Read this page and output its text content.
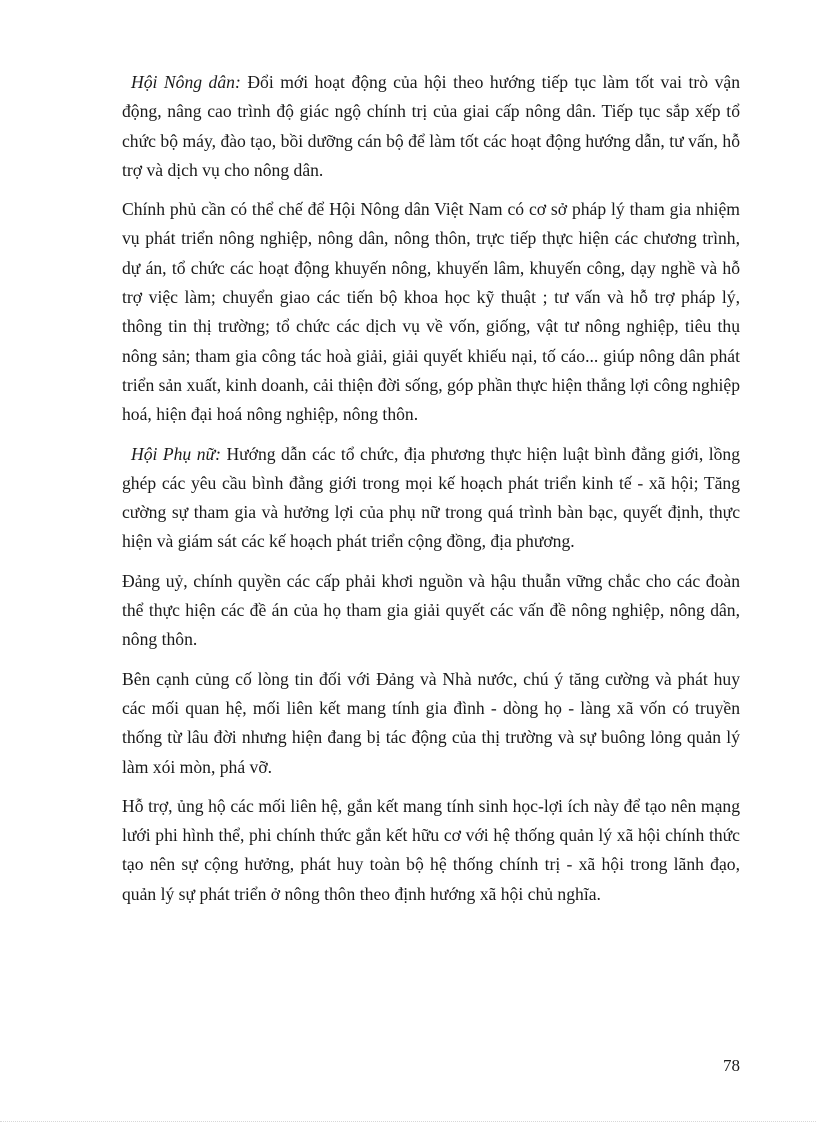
Hội Nông dân: Đổi mới hoạt động của hội theo hướng tiếp tục làm tốt vai trò vận động, nâng cao trình độ giác ngộ chính trị của giai cấp nông dân. Tiếp tục sắp xếp tổ chức bộ máy, đào tạo, bồi dưỡng cán bộ để làm tốt các hoạt động hướng dẫn, tư vấn, hỗ trợ và dịch vụ cho nông dân.

Chính phủ cần có thể chế để Hội Nông dân Việt Nam có cơ sở pháp lý tham gia nhiệm vụ phát triển nông nghiệp, nông dân, nông thôn, trực tiếp thực hiện các chương trình, dự án, tổ chức các hoạt động khuyến nông, khuyến lâm, khuyến công, dạy nghề và hỗ trợ việc làm; chuyển giao các tiến bộ khoa học kỹ thuật ; tư vấn và hỗ trợ pháp lý, thông tin thị trường; tổ chức các dịch vụ về vốn, giống, vật tư nông nghiệp, tiêu thụ nông sản; tham gia công tác hoà giải, giải quyết khiếu nại, tố cáo... giúp nông dân phát triển sản xuất, kinh doanh, cải thiện đời sống, góp phần thực hiện thắng lợi công nghiệp hoá, hiện đại hoá nông nghiệp, nông thôn.

Hội Phụ nữ: Hướng dẫn các tổ chức, địa phương thực hiện luật bình đẳng giới, lồng ghép các yêu cầu bình đẳng giới trong mọi kế hoạch phát triển kinh tế - xã hội; Tăng cường sự tham gia và hưởng lợi của phụ nữ trong quá trình bàn bạc, quyết định, thực hiện và giám sát các kế hoạch phát triển cộng đồng, địa phương.

Đảng uỷ, chính quyền các cấp phải khơi nguồn và hậu thuẫn vững chắc cho các đoàn thể thực hiện các đề án của họ tham gia giải quyết các vấn đề nông nghiệp, nông dân, nông thôn.

Bên cạnh củng cố lòng tin đối với Đảng và Nhà nước, chú ý tăng cường và phát huy các mối quan hệ, mối liên kết mang tính gia đình - dòng họ - làng xã vốn có truyền thống từ lâu đời nhưng hiện đang bị tác động của thị trường và sự buông lỏng quản lý làm xói mòn, phá vỡ.

Hỗ trợ, ủng hộ các mối liên hệ, gắn kết mang tính sinh học-lợi ích này để tạo nên mạng lưới phi hình thể, phi chính thức gắn kết hữu cơ với hệ thống quản lý xã hội chính thức tạo nên sự cộng hưởng, phát huy toàn bộ hệ thống chính trị - xã hội trong lãnh đạo, quản lý sự phát triển ở nông thôn theo định hướng xã hội chủ nghĩa.

78
